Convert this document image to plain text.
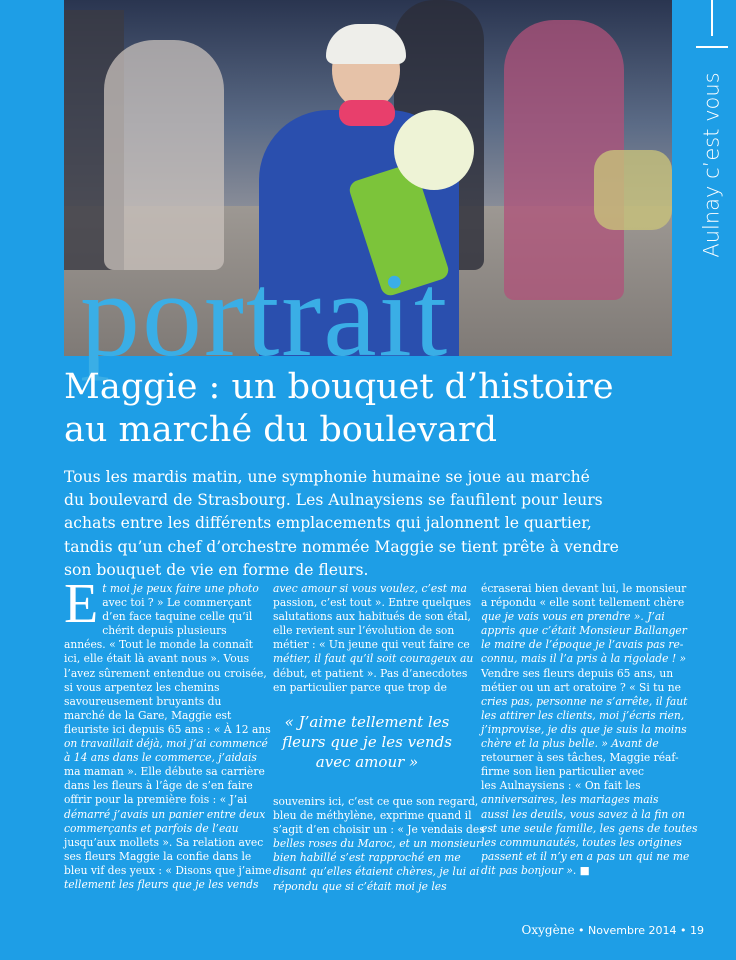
Aulnay c’est vous
portrait
Maggie : un bouquet d’histoire
au marché du boulevard
Tous les mardis matin, une symphonie humaine se joue au marché
du boulevard de Strasbourg. Les Aulnaysiens se faufilent pour leurs
achats entre les différents emplacements qui jalonnent le quartier,
tandis qu’un chef d’orchestre nommée Maggie se tient prête à vendre
son bouquet de vie en forme de fleurs.
E t moi je peux faire une photo
avec toi ? » Le commerçant
d’en face taquine celle qu’il
chérit depuis plusieurs
années. « Tout le monde la connaît
ici, elle était là avant nous ». Vous
l’avez sûrement entendue ou croisée,
si vous arpentez les chemins
savoureusement bruyants du
marché de la Gare, Maggie est
fleuriste ici depuis 65 ans : « À 12 ans
on travaillait déjà, moi j’ai commencé
à 14 ans dans le commerce, j’aidais
ma maman ». Elle débute sa carrière
dans les fleurs à l’âge de s’en faire
offrir pour la première fois : « J’ai
démarré j’avais un panier entre deux
commerçants et parfois de l’eau
jusqu’aux mollets ». Sa relation avec
ses fleurs Maggie la confie dans le
bleu vif des yeux : « Disons que j’aime
tellement les fleurs que je les vends
avec amour si vous voulez, c’est ma
passion, c’est tout ». Entre quelques
salutations aux habitués de son étal,
elle revient sur l’évolution de son
métier : « Un jeune qui veut faire ce
métier, il faut qu’il soit courageux au
début, et patient ». Pas d’anecdotes
en particulier parce que trop de
« J’aime tellement les
fleurs que je les vends
avec amour »
souvenirs ici, c’est ce que son regard,
bleu de méthylène, exprime quand il
s’agit d’en choisir un : « Je vendais des
belles roses du Maroc, et un monsieur
bien habillé s’est rapproché en me
disant qu’elles étaient chères, je lui ai
répondu que si c’était moi je les
écraserai bien devant lui, le monsieur
a répondu « elle sont tellement chère
que je vais vous en prendre ». J’ai
appris que c’était Monsieur Ballanger
le maire de l’époque je l’avais pas re-
connu, mais il l’a pris à la rigolade ! »
Vendre ses fleurs depuis 65 ans, un
métier ou un art oratoire ? « Si tu ne
cries pas, personne ne s’arrête, il faut
les attirer les clients, moi j’écris rien,
j’improvise, je dis que je suis la moins
chère et la plus belle. » Avant de
retourner à ses tâches, Maggie réaf-
firme son lien particulier avec
les Aulnaysiens : « On fait les
anniversaires, les mariages mais
aussi les deuils, vous savez à la fin on
est une seule famille, les gens de toutes
les communautés, toutes les origines
passent et il n’y en a pas un qui ne me
dit pas bonjour ». ■
Oxygène • Novembre 2014 • 19
